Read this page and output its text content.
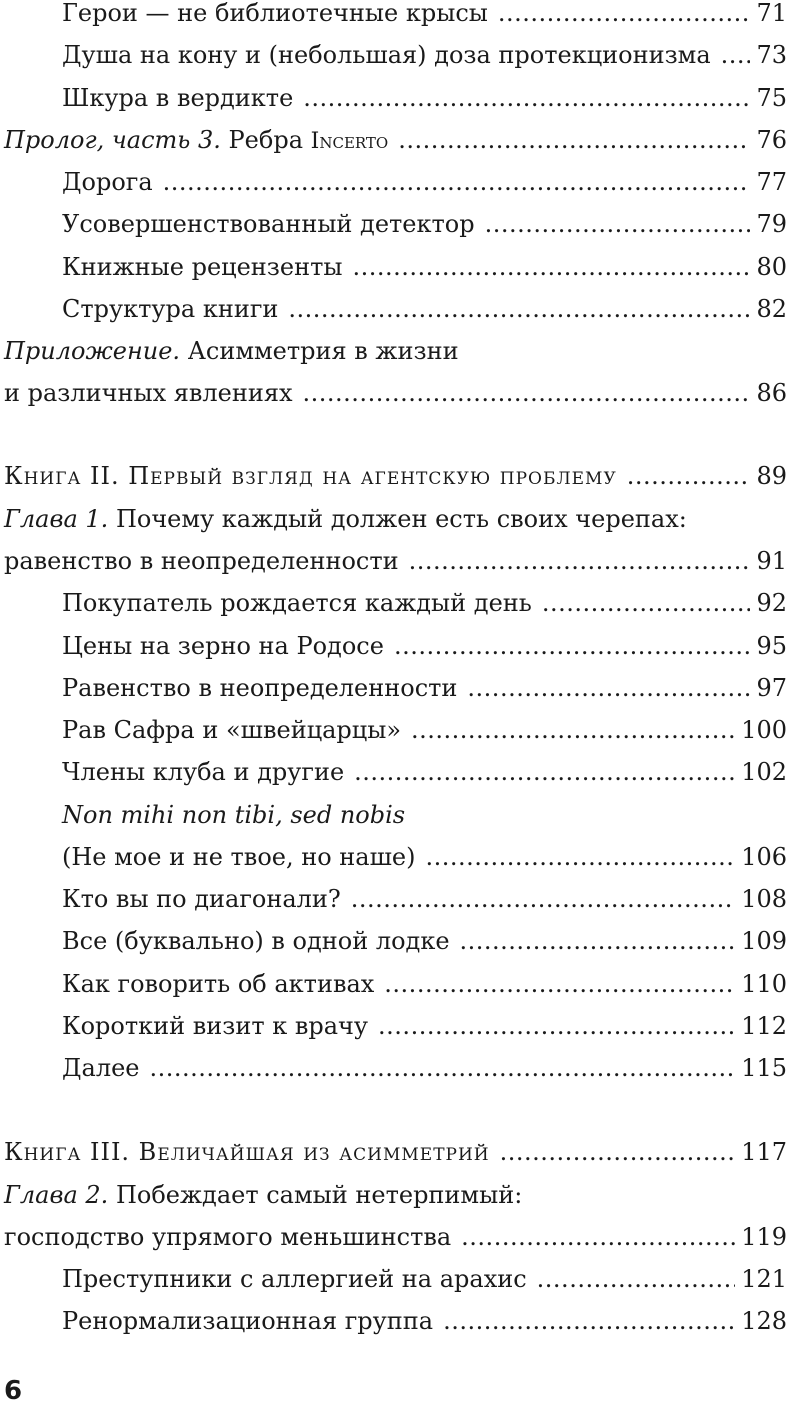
Герои — не библиотечные крысы .....	71
Душа на кону и (небольшая) доза протекционизма ..... 73
Шкура в вердикте .....	75
Пролог, часть 3. Ребра Incerto .....	76
Дорога .....	77
Усовершенствованный детектор .....	79
Книжные рецензенты .....	80
Структура книги .....	82
Приложение. Асимметрия в жизни
и различных явлениях .....	86
Книга II. Первый взгляд на агентскую проблему .....	89
Глава 1. Почему каждый должен есть своих черепах:
равенство в неопределенности .....	91
Покупатель рождается каждый день .....	92
Цены на зерно на Родосе .....	95
Равенство в неопределенности .....	97
Рав Сафра и «швейцарцы» .....	100
Члены клуба и другие .....	102
Non mihi non tibi, sed nobis
(Не мое и не твое, но наше) .....	106
Кто вы по диагонали? .....	108
Все (буквально) в одной лодке .....	109
Как говорить об активах .....	110
Короткий визит к врачу .....	112
Далее .....	115
Книга III. Величайшая из асимметрий .....	117
Глава 2. Побеждает самый нетерпимый:
господство упрямого меньшинства .....	119
Преступники с аллергией на арахис .....	121
Ренормализационная группа .....	128
6
